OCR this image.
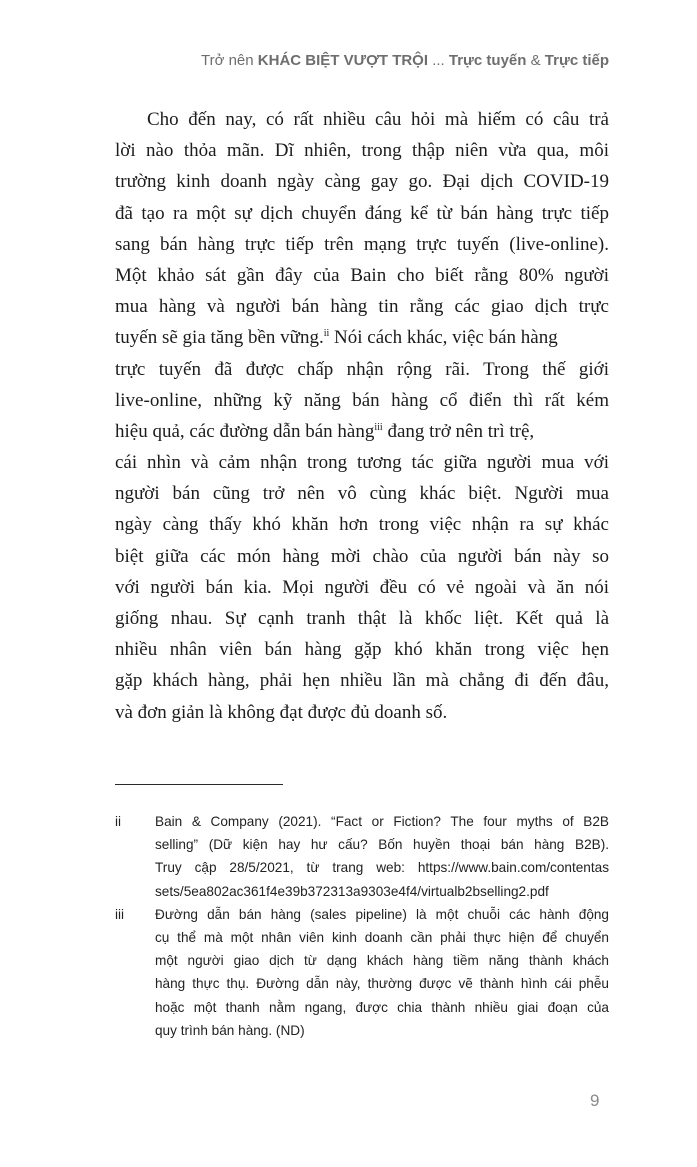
Trở nên KHÁC BIỆT VƯỢT TRỘI ... Trực tuyến & Trực tiếp
Cho đến nay, có rất nhiều câu hỏi mà hiếm có câu trả
lời nào thỏa mãn. Dĩ nhiên, trong thập niên vừa qua, môi
trường kinh doanh ngày càng gay go. Đại dịch COVID-19
đã tạo ra một sự dịch chuyển đáng kể từ bán hàng trực tiếp
sang bán hàng trực tiếp trên mạng trực tuyến (live-online).
Một khảo sát gần đây của Bain cho biết rằng 80% người
mua hàng và người bán hàng tin rằng các giao dịch trực
tuyến sẽ gia tăng bền vững.$^{ii}$ Nói cách khác, việc bán hàng
trực tuyến đã được chấp nhận rộng rãi. Trong thế giới
live-online, những kỹ năng bán hàng cổ điển thì rất kém
hiệu quả, các đường dẫn bán hàng$^{iii}$ đang trở nên trì trệ,
cái nhìn và cảm nhận trong tương tác giữa người mua với
người bán cũng trở nên vô cùng khác biệt. Người mua
ngày càng thấy khó khăn hơn trong việc nhận ra sự khác
biệt giữa các món hàng mời chào của người bán này so
với người bán kia. Mọi người đều có vẻ ngoài và ăn nói
giống nhau. Sự cạnh tranh thật là khốc liệt. Kết quả là
nhiều nhân viên bán hàng gặp khó khăn trong việc hẹn
gặp khách hàng, phải hẹn nhiều lần mà chẳng đi đến đâu,
và đơn giản là không đạt được đủ doanh số.
ii	Bain & Company (2021). “Fact or Fiction? The four myths of B2B
selling” (Dữ kiện hay hư cấu? Bốn huyền thoại bán hàng B2B).
Truy cập 28/5/2021, từ trang web: https://www.bain.com/contentas
sets/5ea802ac361f4e39b372313a9303e4f4/virtualb2bselling2.pdf
iii	Đường dẫn bán hàng (sales pipeline) là một chuỗi các hành động
cụ thể mà một nhân viên kinh doanh cần phải thực hiện để chuyển
một người giao dịch từ dạng khách hàng tiềm năng thành khách
hàng thực thụ. Đường dẫn này, thường được vẽ thành hình cái phễu
hoặc một thanh nằm ngang, được chia thành nhiều giai đoạn của
quy trình bán hàng. (ND)
9
